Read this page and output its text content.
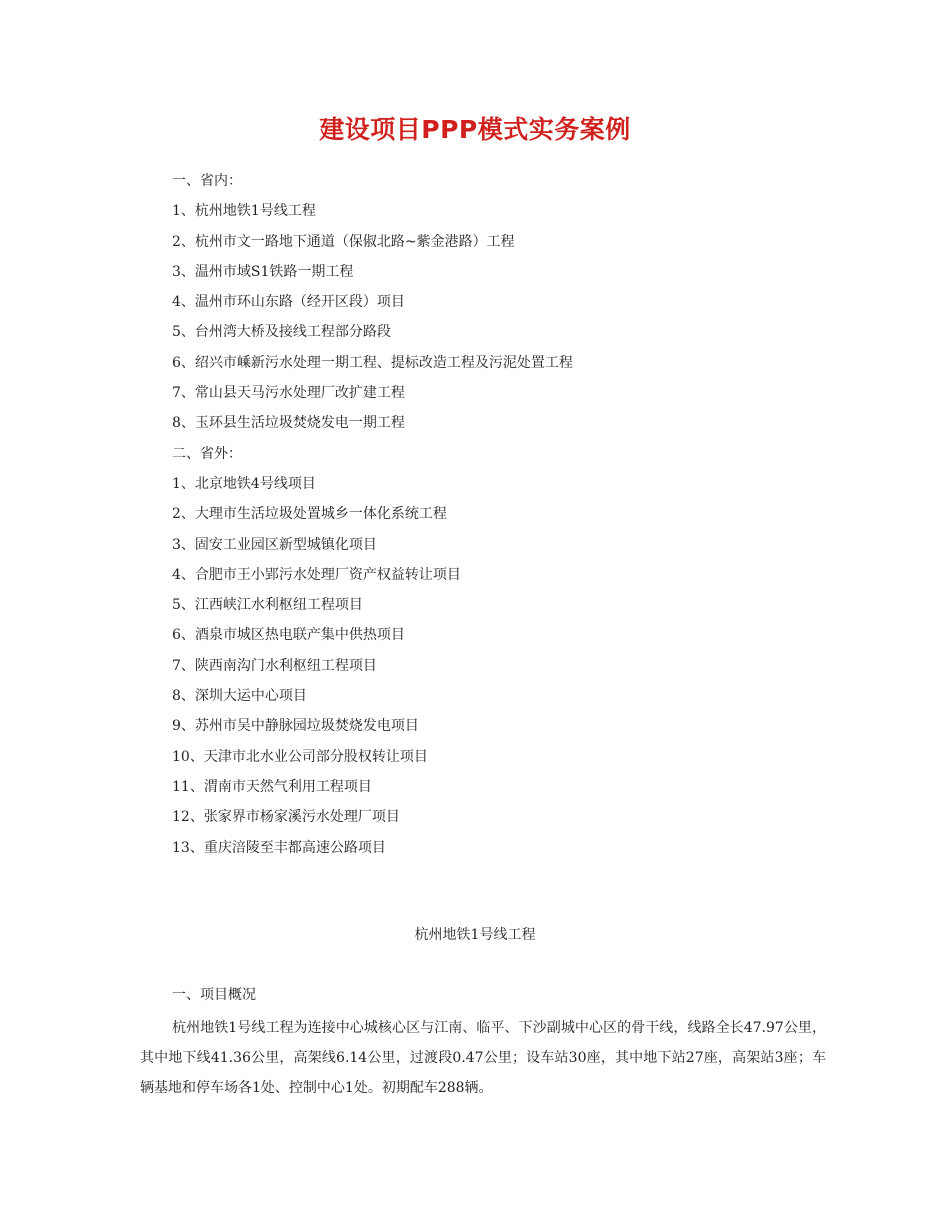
建设项目PPP模式实务案例
一、省内：
1、杭州地铁1号线工程
2、杭州市文一路地下通道（保俶北路~紫金港路）工程
3、温州市域S1铁路一期工程
4、温州市环山东路（经开区段）项目
5、台州湾大桥及接线工程部分路段
6、绍兴市嵊新污水处理一期工程、提标改造工程及污泥处置工程
7、常山县天马污水处理厂改扩建工程
8、玉环县生活垃圾焚烧发电一期工程
二、省外：
1、北京地铁4号线项目
2、大理市生活垃圾处置城乡一体化系统工程
3、固安工业园区新型城镇化项目
4、合肥市王小郢污水处理厂资产权益转让项目
5、江西峡江水利枢纽工程项目
6、酒泉市城区热电联产集中供热项目
7、陕西南沟门水利枢纽工程项目
8、深圳大运中心项目
9、苏州市吴中静脉园垃圾焚烧发电项目
10、天津市北水业公司部分股权转让项目
11、渭南市天然气利用工程项目
12、张家界市杨家溪污水处理厂项目
13、重庆涪陵至丰都高速公路项目
杭州地铁1号线工程
一、项目概况
杭州地铁1号线工程为连接中心城核心区与江南、临平、下沙副城中心区的骨干线，线路全长47.97公里，其中地下线41.36公里，高架线6.14公里，过渡段0.47公里；设车站30座，其中地下站27座，高架站3座；车辆基地和停车场各1处、控制中心1处。初期配车288辆。
